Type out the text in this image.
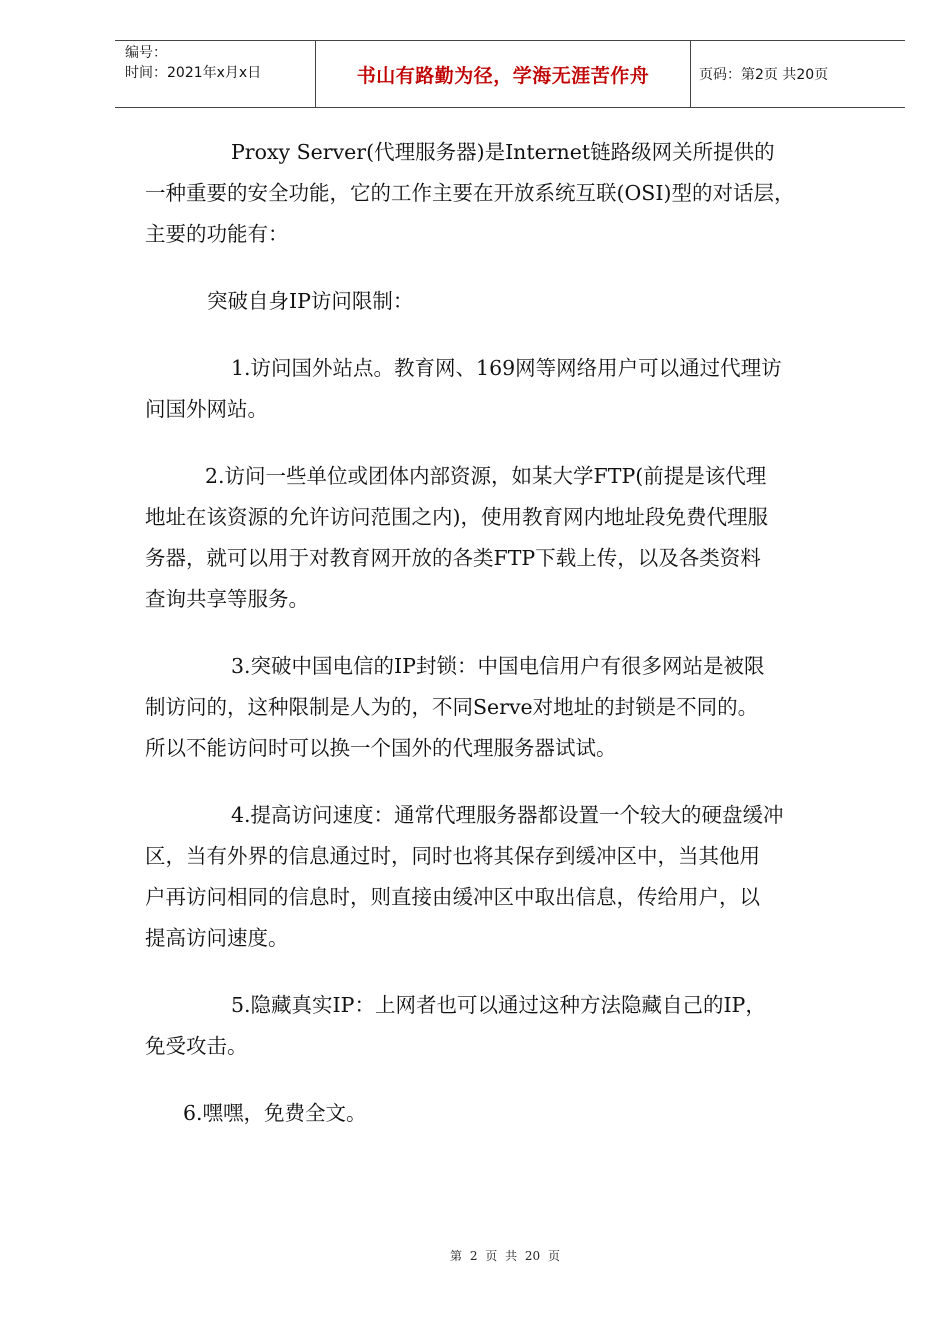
编号：
时间：2021年x月x日	书山有路勤为径，学海无涯苦作舟	页码：第2页 共20页
Proxy Server(代理服务器)是Internet链路级网关所提供的
一种重要的安全功能，它的工作主要在开放系统互联(OSI)型的对话层，
主要的功能有：
突破自身IP访问限制：
1.访问国外站点。教育网、169网等网络用户可以通过代理访
问国外网站。
2.访问一些单位或团体内部资源，如某大学FTP(前提是该代理
地址在该资源的允许访问范围之内)，使用教育网内地址段免费代理服
务器，就可以用于对教育网开放的各类FTP下载上传，以及各类资料
查询共享等服务。
3.突破中国电信的IP封锁：中国电信用户有很多网站是被限
制访问的，这种限制是人为的，不同Serve对地址的封锁是不同的。
所以不能访问时可以换一个国外的代理服务器试试。
4.提高访问速度：通常代理服务器都设置一个较大的硬盘缓冲
区，当有外界的信息通过时，同时也将其保存到缓冲区中，当其他用
户再访问相同的信息时，则直接由缓冲区中取出信息，传给用户，以
提高访问速度。
5.隐藏真实IP：上网者也可以通过这种方法隐藏自己的IP，
免受攻击。
6.嘿嘿，免费全文。
第 2 页 共 20 页
